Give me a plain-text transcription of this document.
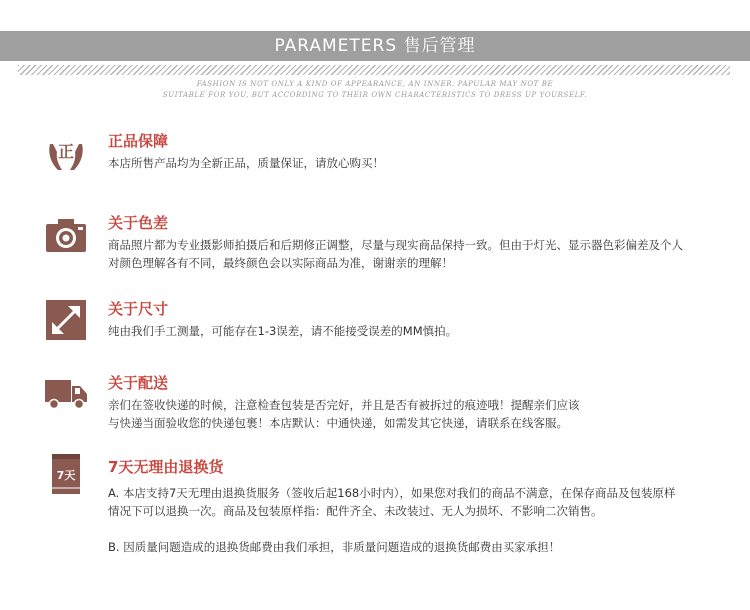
PARAMETERS 售后管理
FASHION IS NOT ONLY A KIND OF APPEARANCE, AN INNER. PAPULAR MAY NOT BE
SUITABLE FOR YOU, BUT ACCORDING TO THEIR OWN CHARACTERISTICS TO DRESS UP YOURSELF.
正
正品保障
本店所售产品均为全新正品，质量保证，请放心购买！
关于色差
商品照片都为专业摄影师拍摄后和后期修正调整，尽量与现实商品保持一致。但由于灯光、显示器色彩偏差及个人
对颜色理解各有不同，最终颜色会以实际商品为准，谢谢亲的理解！
关于尺寸
纯由我们手工测量，可能存在1-3误差，请不能接受误差的MM慎拍。
关于配送
亲们在签收快递的时候，注意检查包装是否完好，并且是否有被拆过的痕迹哦！提醒亲们应该
与快递当面验收您的快递包裹！本店默认：中通快递，如需发其它快递，请联系在线客服。
7天 7天无理由退换货
A. 本店支持7天无理由退换货服务（签收后起168小时内），如果您对我们的商品不满意，在保存商品及包装原样
情况下可以退换一次。商品及包装原样指：配件齐全、未改装过、无人为损坏、不影响二次销售。
B. 因质量问题造成的退换货邮费由我们承担，非质量问题造成的退换货邮费由买家承担！
